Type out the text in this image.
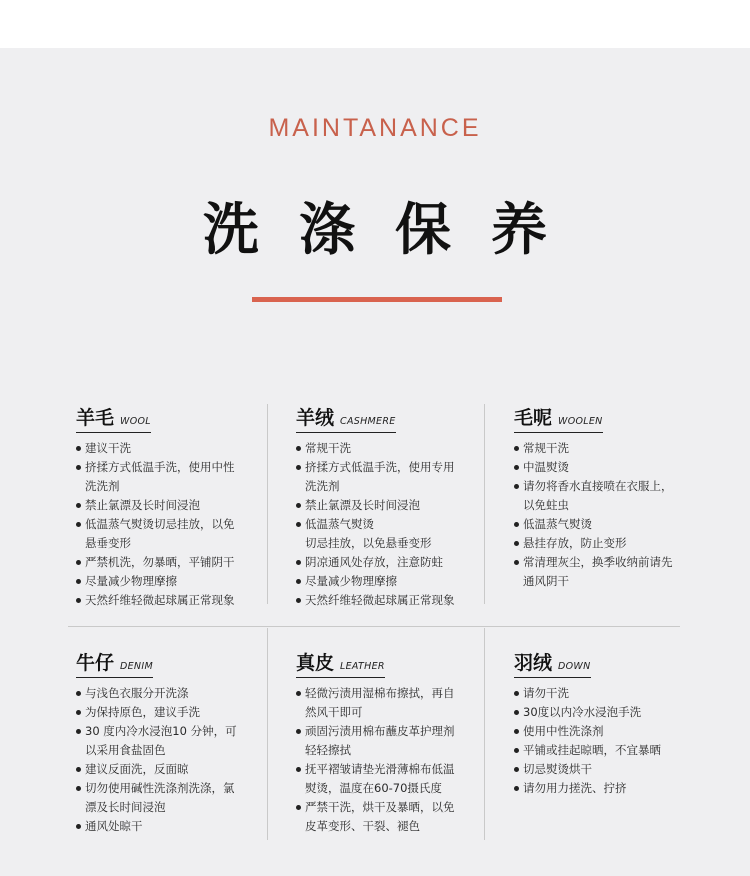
MAINTANANCE
洗涤保养
羊毛 WOOL
建议干洗
挤揉方式低温手洗，使用中性
洗洗剂
禁止氯漂及长时间浸泡
低温蒸气熨烫切忌挂放，以免
悬垂变形
严禁机洗，勿暴晒，平铺阴干
尽量减少物理摩擦
天然纤维轻微起球属正常现象
羊绒 CASHMERE
常规干洗
挤揉方式低温手洗，使用专用
洗洗剂
禁止氯漂及长时间浸泡
低温蒸气熨烫
切忌挂放，以免悬垂变形
阴凉通风处存放，注意防蛀
尽量减少物理摩擦
天然纤维轻微起球属正常现象
毛呢 WOOLEN
常规干洗
中温熨烫
请勿将香水直接喷在衣服上，
以免蛀虫
低温蒸气熨烫
悬挂存放，防止变形
常清理灰尘，换季收纳前请先
通风阴干
牛仔 DENIM
与浅色衣服分开洗涤
为保持原色，建议手洗
30 度内冷水浸泡10 分钟，可
以采用食盐固色
建议反面洗，反面晾
切勿使用碱性洗涤剂洗涤，氯
漂及长时间浸泡
通风处晾干
真皮 LEATHER
轻微污渍用湿棉布擦拭，再自
然风干即可
顽固污渍用棉布蘸皮革护理剂
轻轻擦拭
抚平褶皱请垫光滑薄棉布低温
熨烫，温度在60-70摄氏度
严禁干洗，烘干及暴晒，以免
皮革变形、干裂、褪色
羽绒 DOWN
请勿干洗
30度以内冷水浸泡手洗
使用中性洗涤剂
平铺或挂起晾晒，不宜暴晒
切忌熨烫烘干
请勿用力搓洗、拧挤
